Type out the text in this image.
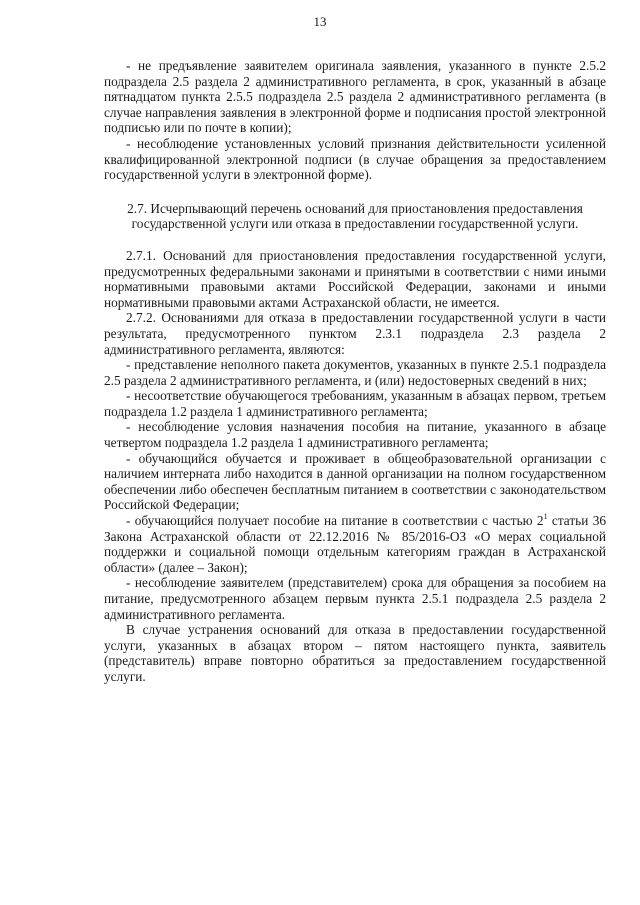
13

- не предъявление заявителем оригинала заявления, указанного в пункте 2.5.2 подраздела 2.5 раздела 2 административного регламента, в срок, указанный в абзаце пятнадцатом пункта 2.5.5 подраздела 2.5 раздела 2 административного регламента (в случае направления заявления в электронной форме и подписания простой электронной подписью или по почте в копии);

- несоблюдение установленных условий признания действительности усиленной квалифицированной электронной подписи (в случае обращения за предоставлением государственной услуги в электронной форме).

2.7. Исчерпывающий перечень оснований для приостановления предоставления государственной услуги или отказа в предоставлении государственной услуги.

2.7.1. Оснований для приостановления предоставления государственной услуги, предусмотренных федеральными законами и принятыми в соответствии с ними иными нормативными правовыми актами Российской Федерации, законами и иными нормативными правовыми актами Астраханской области, не имеется.

2.7.2. Основаниями для отказа в предоставлении государственной услуги в части результата, предусмотренного пунктом 2.3.1 подраздела 2.3 раздела 2 административного регламента, являются:

- представление неполного пакета документов, указанных в пункте 2.5.1 подраздела 2.5 раздела 2 административного регламента, и (или) недостоверных сведений в них;

- несоответствие обучающегося требованиям, указанным в абзацах первом, третьем подраздела 1.2 раздела 1 административного регламента;

- несоблюдение условия назначения пособия на питание, указанного в абзаце четвертом подраздела 1.2 раздела 1 административного регламента;

- обучающийся обучается и проживает в общеобразовательной организации с наличием интерната либо находится в данной организации на полном государственном обеспечении либо обеспечен бесплатным питанием в соответствии с законодательством Российской Федерации;

- обучающийся получает пособие на питание в соответствии с частью $2^1$ статьи 36 Закона Астраханской области от 22.12.2016 № 85/2016-ОЗ «О мерах социальной поддержки и социальной помощи отдельным категориям граждан в Астраханской области» (далее – Закон);

- несоблюдение заявителем (представителем) срока для обращения за пособием на питание, предусмотренного абзацем первым пункта 2.5.1 подраздела 2.5 раздела 2 административного регламента.

В случае устранения оснований для отказа в предоставлении государственной услуги, указанных в абзацах втором – пятом настоящего пункта, заявитель (представитель) вправе повторно обратиться за предоставлением государственной услуги.
